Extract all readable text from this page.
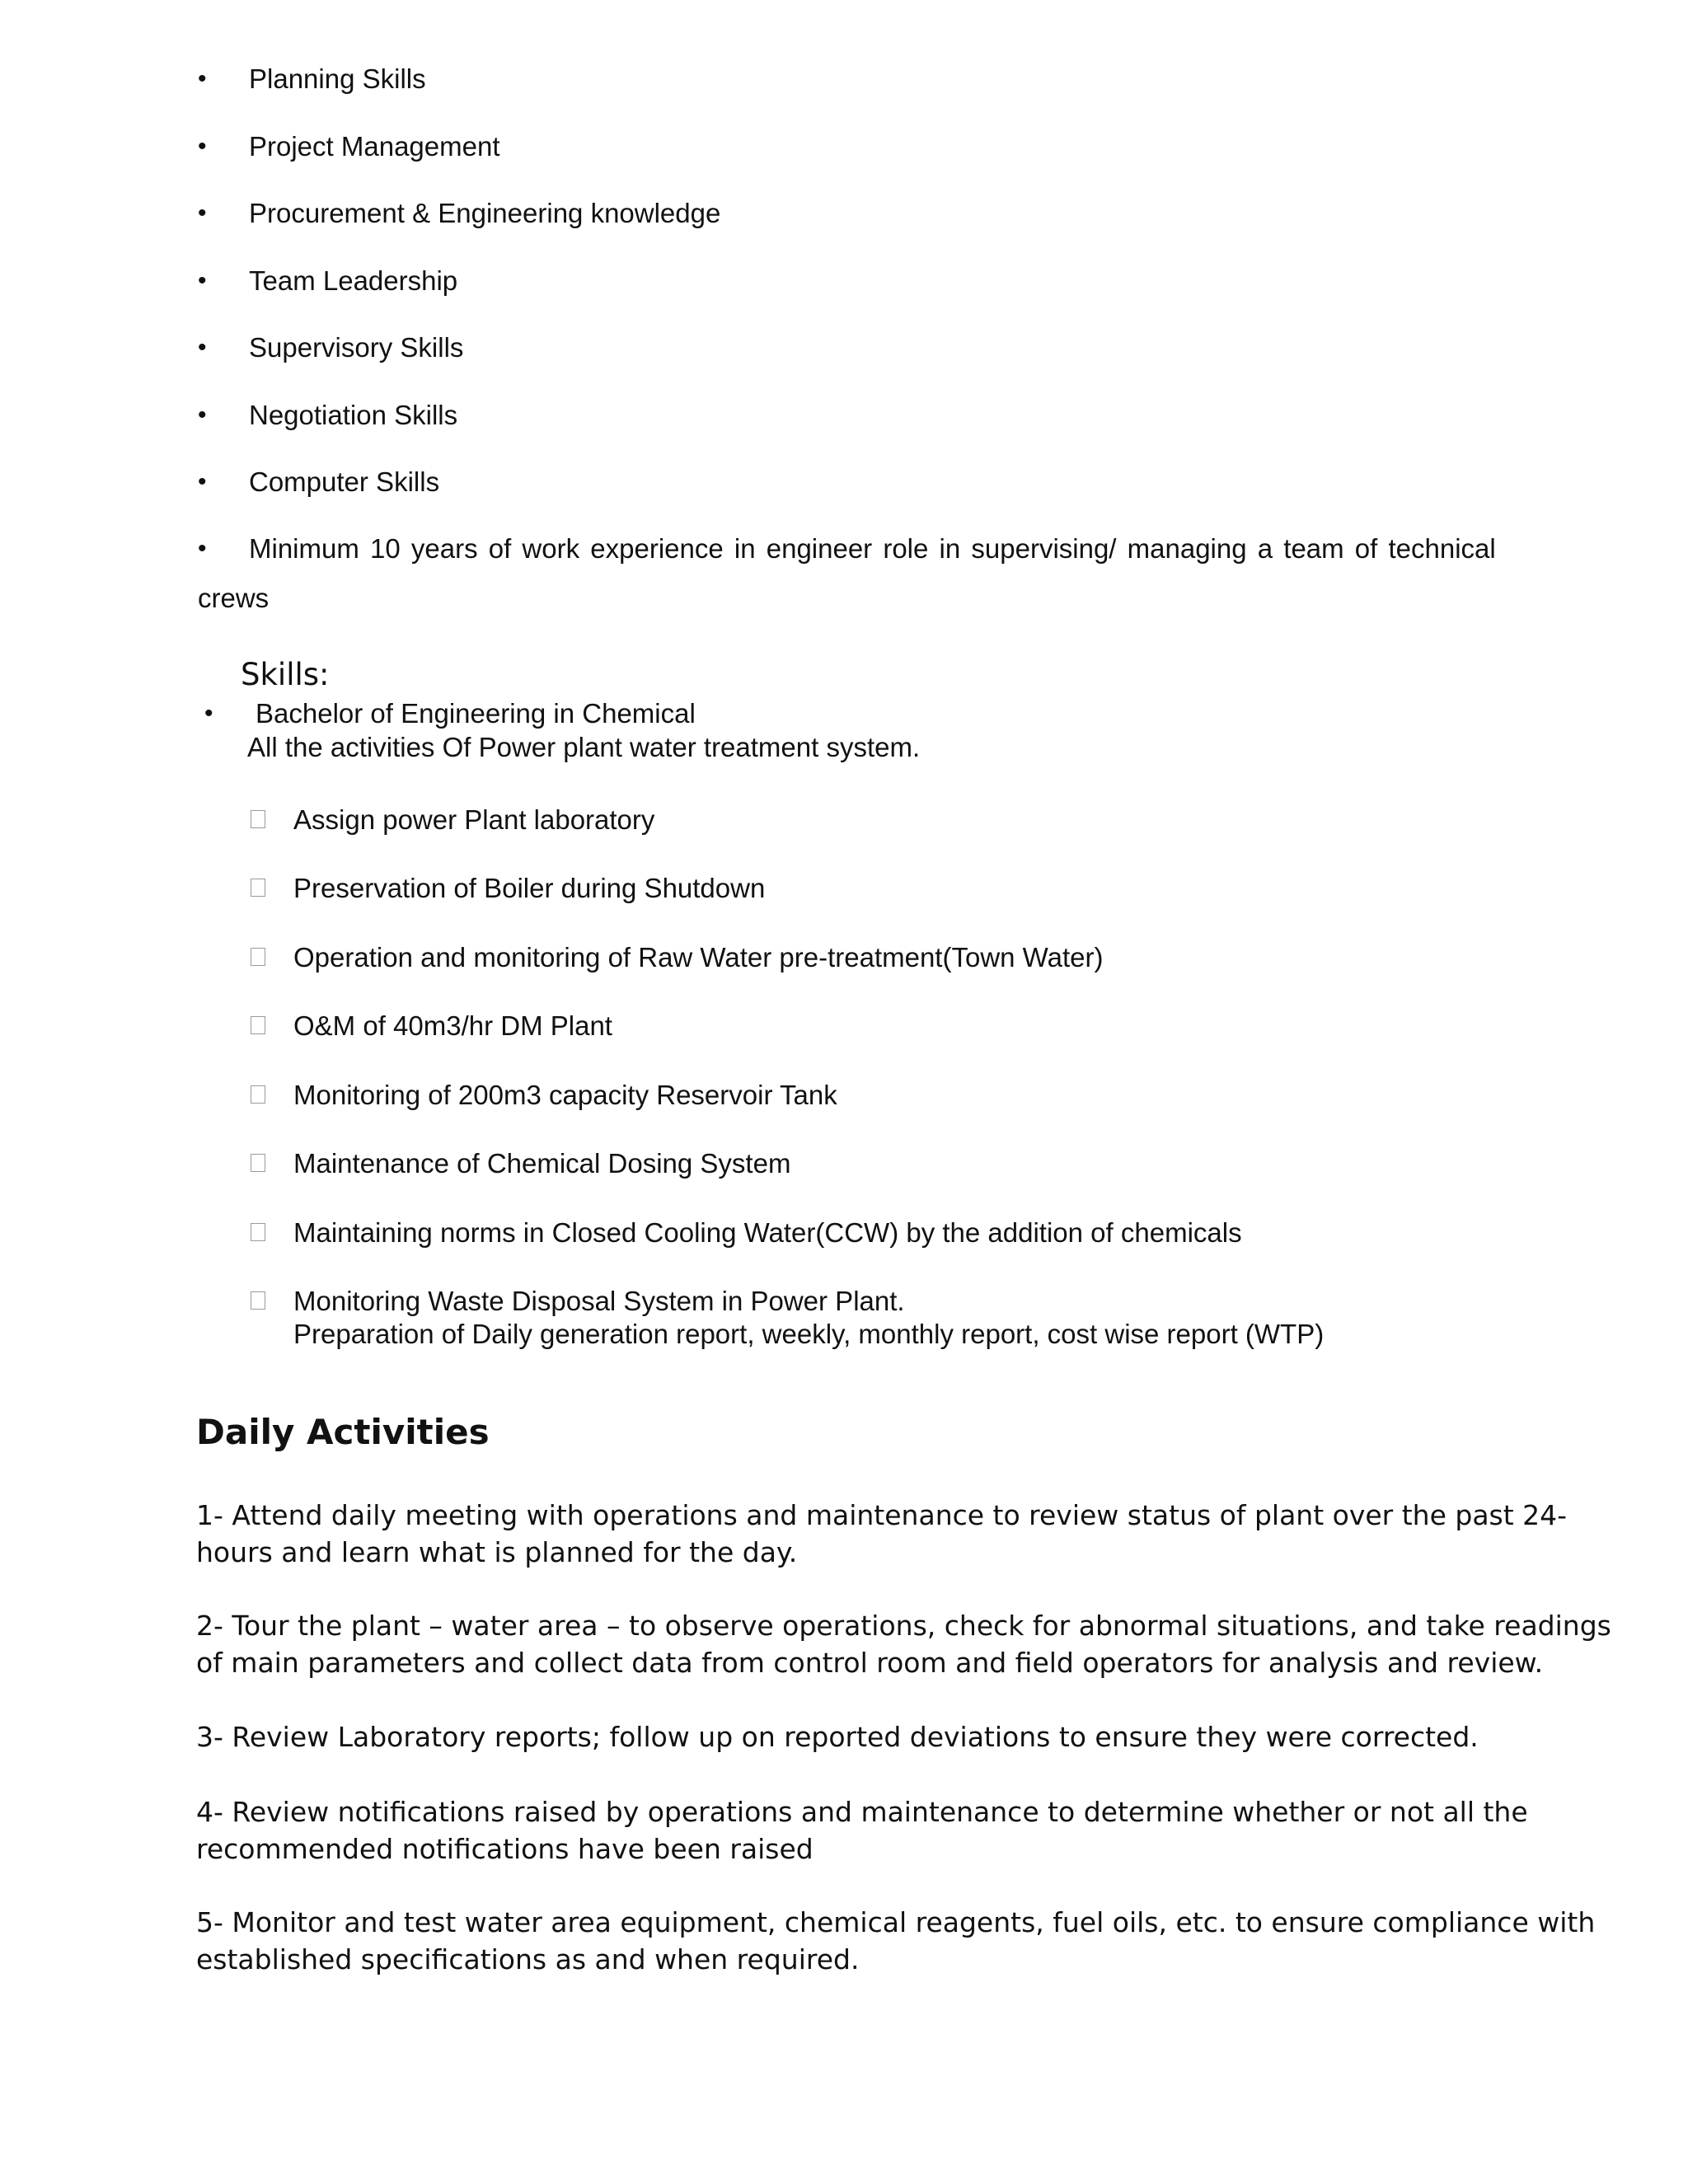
•	Planning Skills
•	Project Management
•	Procurement & Engineering knowledge
•	Team Leadership
•	Supervisory Skills
•	Negotiation Skills
•	Computer Skills
• Minimum 10 years of work experience in engineer role in supervising/ managing a team of technical
crews
Skills:
• Bachelor of Engineering in Chemical
All the activities Of Power plant water treatment system.
Assign power Plant laboratory
Preservation of Boiler during Shutdown
Operation and monitoring of Raw Water pre-treatment(Town Water)
O&M of 40m3/hr DM Plant
Monitoring of 200m3 capacity Reservoir Tank
Maintenance of Chemical Dosing System
Maintaining norms in Closed Cooling Water(CCW) by the addition of chemicals
Monitoring Waste Disposal System in Power Plant.
Preparation of Daily generation report, weekly, monthly report, cost wise report (WTP)
Daily Activities
1- Attend daily meeting with operations and maintenance to review status of plant over the past 24-
hours and learn what is planned for the day.
2- Tour the plant – water area – to observe operations, check for abnormal situations, and take readings
of main parameters and collect data from control room and field operators for analysis and review.
3- Review Laboratory reports; follow up on reported deviations to ensure they were corrected.
4- Review notifications raised by operations and maintenance to determine whether or not all the
recommended notifications have been raised
5- Monitor and test water area equipment, chemical reagents, fuel oils, etc. to ensure compliance with
established specifications as and when required.
